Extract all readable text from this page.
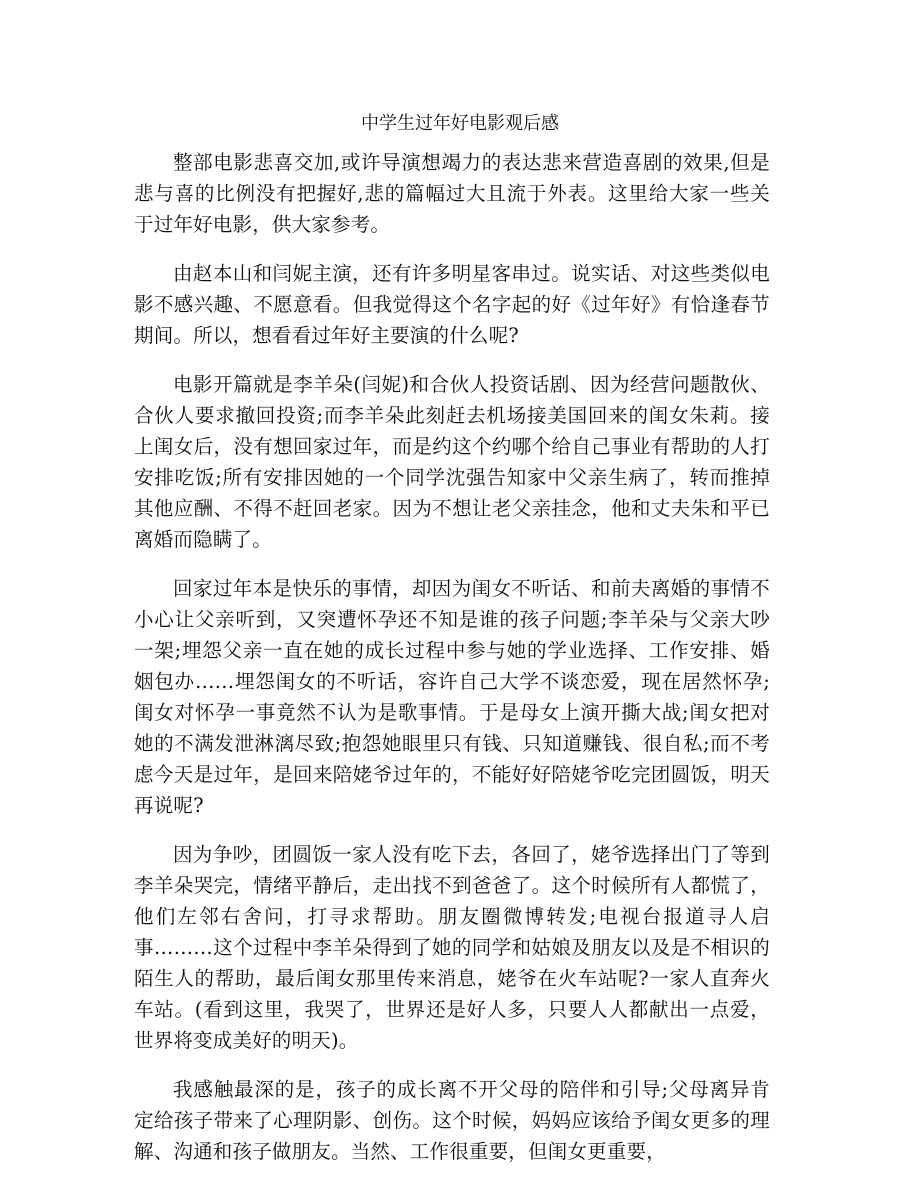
中学生过年好电影观后感

整部电影悲喜交加,或许导演想竭力的表达悲来营造喜剧的效果,但是悲与喜的比例没有把握好,悲的篇幅过大且流于外表。这里给大家一些关于过年好电影，供大家参考。

由赵本山和闫妮主演，还有许多明星客串过。说实话、对这些类似电影不感兴趣、不愿意看。但我觉得这个名字起的好《过年好》有恰逢春节期间。所以，想看看过年好主要演的什么呢?

电影开篇就是李羊朵(闫妮)和合伙人投资话剧、因为经营问题散伙、合伙人要求撤回投资;而李羊朵此刻赶去机场接美国回来的闺女朱莉。接上闺女后，没有想回家过年，而是约这个约哪个给自己事业有帮助的人打安排吃饭;所有安排因她的一个同学沈强告知家中父亲生病了，转而推掉其他应酬、不得不赶回老家。因为不想让老父亲挂念，他和丈夫朱和平已离婚而隐瞒了。

回家过年本是快乐的事情，却因为闺女不听话、和前夫离婚的事情不小心让父亲听到，又突遭怀孕还不知是谁的孩子问题;李羊朵与父亲大吵一架;埋怨父亲一直在她的成长过程中参与她的学业选择、工作安排、婚姻包办……埋怨闺女的不听话，容许自己大学不谈恋爱，现在居然怀孕;闺女对怀孕一事竟然不认为是歌事情。于是母女上演开撕大战;闺女把对她的不满发泄淋漓尽致;抱怨她眼里只有钱、只知道赚钱、很自私;而不考虑今天是过年，是回来陪姥爷过年的，不能好好陪姥爷吃完团圆饭，明天再说呢?

因为争吵，团圆饭一家人没有吃下去，各回了，姥爷选择出门了等到李羊朵哭完，情绪平静后，走出找不到爸爸了。这个时候所有人都慌了，他们左邻右舍问，打寻求帮助。朋友圈微博转发;电视台报道寻人启事………这个过程中李羊朵得到了她的同学和姑娘及朋友以及是不相识的陌生人的帮助，最后闺女那里传来消息，姥爷在火车站呢?一家人直奔火车站。(看到这里，我哭了，世界还是好人多，只要人人都献出一点爱，世界将变成美好的明天)。

我感触最深的是，孩子的成长离不开父母的陪伴和引导;父母离异肯定给孩子带来了心理阴影、创伤。这个时候，妈妈应该给予闺女更多的理解、沟通和孩子做朋友。当然、工作很重要，但闺女更重要，
